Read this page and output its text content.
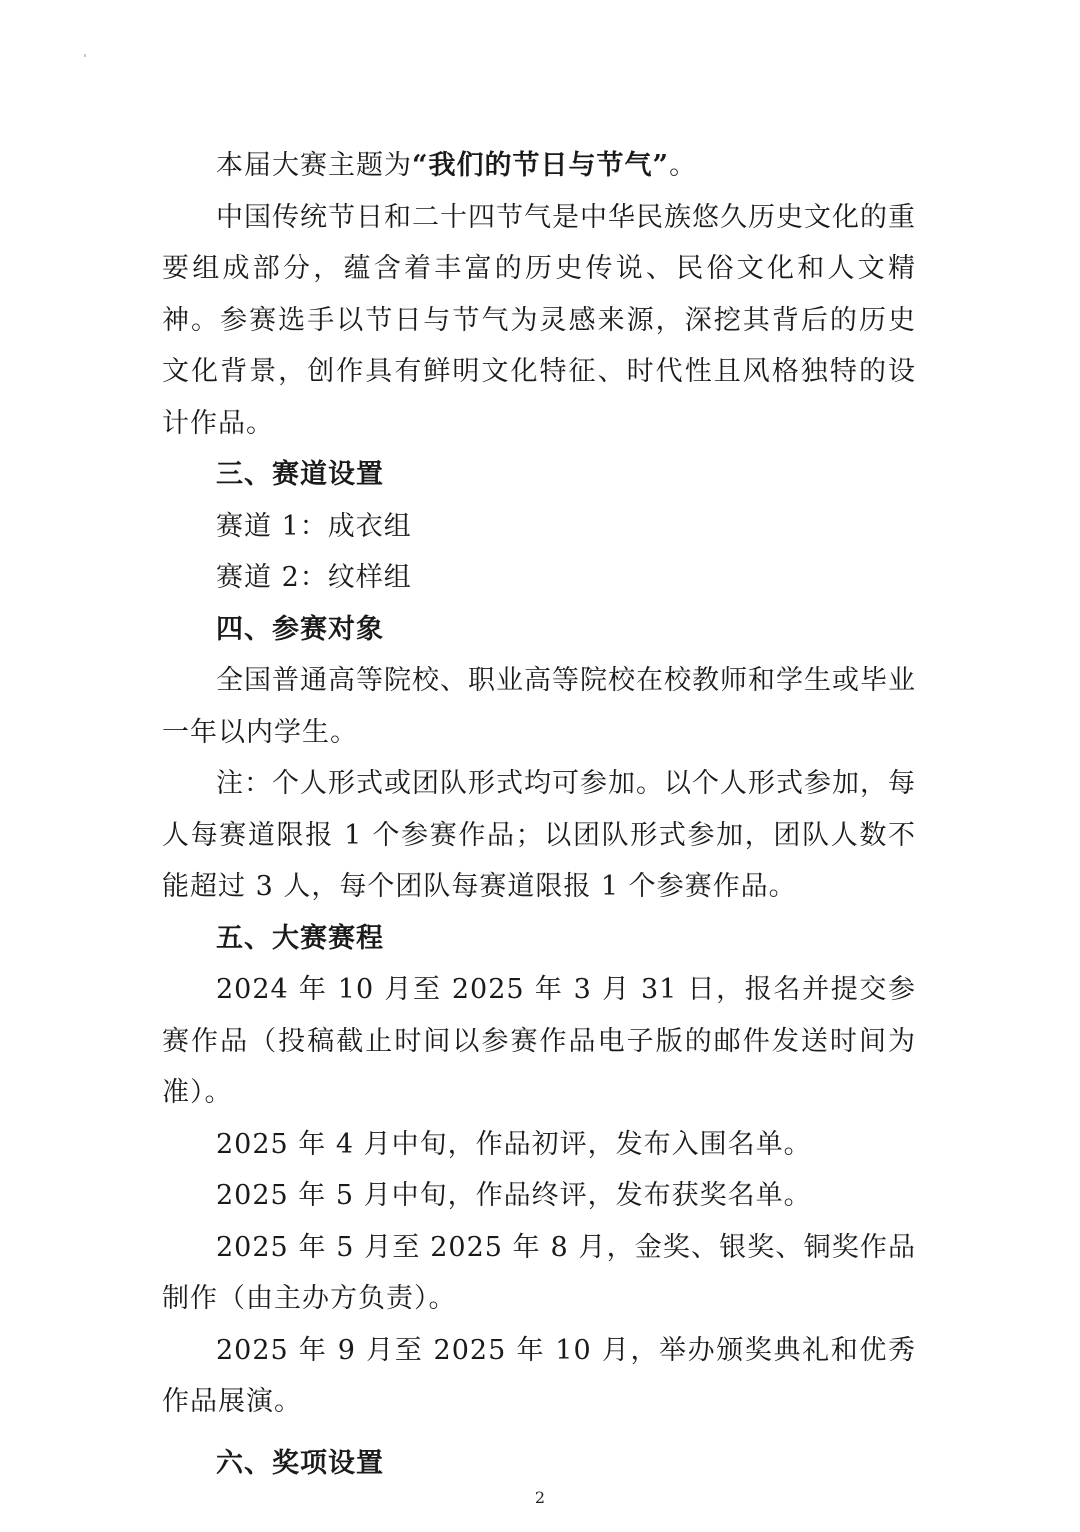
本届大赛主题为“我们的节日与节气”。

中国传统节日和二十四节气是中华民族悠久历史文化的重要组成部分，蕴含着丰富的历史传说、民俗文化和人文精神。参赛选手以节日与节气为灵感来源，深挖其背后的历史文化背景，创作具有鲜明文化特征、时代性且风格独特的设计作品。

三、赛道设置

赛道 1：成衣组

赛道 2：纹样组

四、参赛对象

全国普通高等院校、职业高等院校在校教师和学生或毕业一年以内学生。

注：个人形式或团队形式均可参加。以个人形式参加，每人每赛道限报 1 个参赛作品；以团队形式参加，团队人数不能超过 3 人，每个团队每赛道限报 1 个参赛作品。

五、大赛赛程

2024 年 10 月至 2025 年 3 月 31 日，报名并提交参赛作品（投稿截止时间以参赛作品电子版的邮件发送时间为准）。

2025 年 4 月中旬，作品初评，发布入围名单。

2025 年 5 月中旬，作品终评，发布获奖名单。

2025 年 5 月至 2025 年 8 月，金奖、银奖、铜奖作品制作（由主办方负责）。

2025 年 9 月至 2025 年 10 月，举办颁奖典礼和优秀作品展演。

六、奖项设置

2
